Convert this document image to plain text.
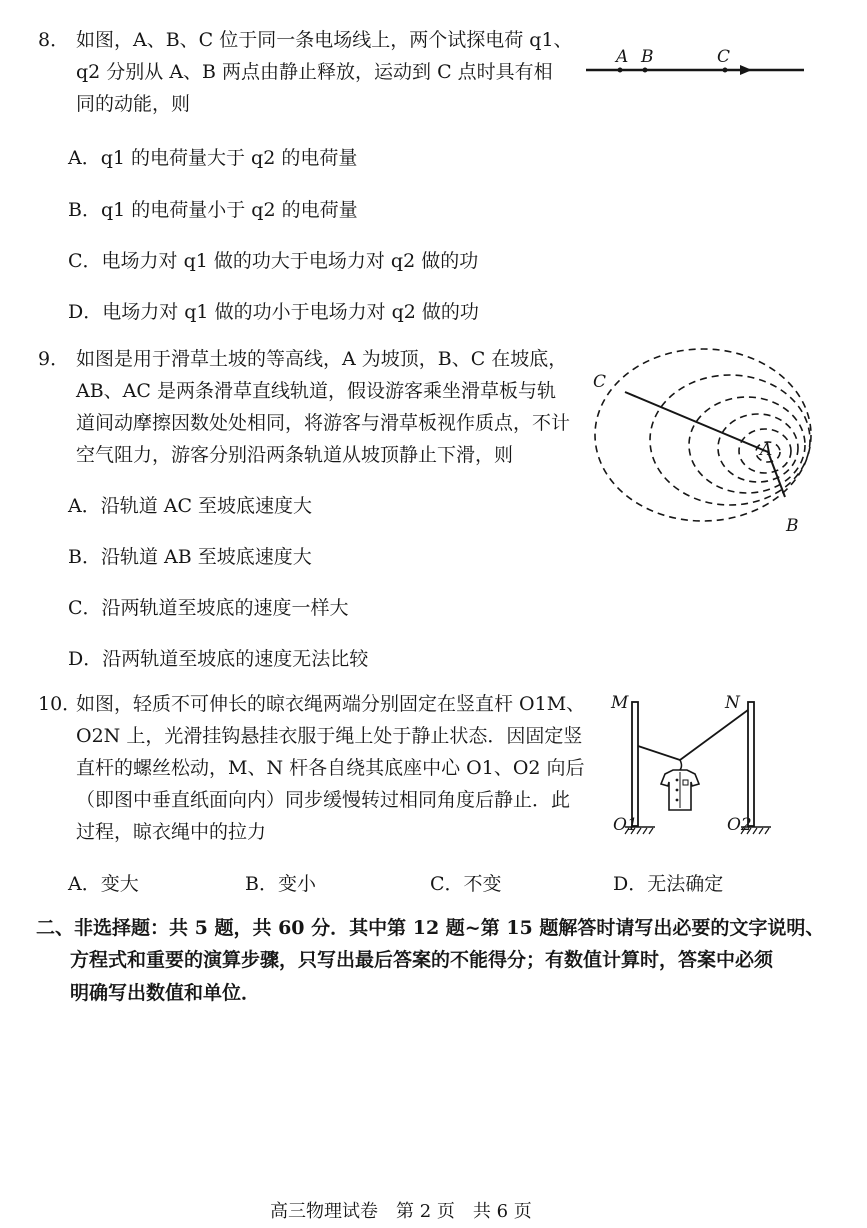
8． 如图，A、B、C 位于同一条电场线上，两个试探电荷 q1、
q2 分别从 A、B 两点由静止释放，运动到 C 点时具有相
同的动能，则
A B	C
A．q1 的电荷量大于 q2 的电荷量
B．q1 的电荷量小于 q2 的电荷量
C．电场力对 q1 做的功大于电场力对 q2 做的功
D．电场力对 q1 做的功小于电场力对 q2 做的功
9． 如图是用于滑草土坡的等高线，A 为坡顶，B、C 在坡底，
AB、AC 是两条滑草直线轨道，假设游客乘坐滑草板与轨
道间动摩擦因数处处相同，将游客与滑草板视作质点，不计
空气阻力，游客分别沿两条轨道从坡顶静止下滑，则
C
A
B
A．沿轨道 AC 至坡底速度大
B．沿轨道 AB 至坡底速度大
C．沿两轨道至坡底的速度一样大
D．沿两轨道至坡底的速度无法比较
10．
如图，轻质不可伸长的晾衣绳两端分别固定在竖直杆 O1M、
O2N 上，光滑挂钩悬挂衣服于绳上处于静止状态．因固定竖
直杆的螺丝松动，M、N 杆各自绕其底座中心 O1、O2 向后
（即图中垂直纸面向内）同步缓慢转过相同角度后静止．此
过程，晾衣绳中的拉力
M	N
O1	O2
A．变大	B．变小	C．不变	D．无法确定
二、非选择题：共 5 题，共 60 分．其中第 12 题~第 15 题解答时请写出必要的文字说明、
方程式和重要的演算步骤，只写出最后答案的不能得分；有数值计算时，答案中必须
明确写出数值和单位．
高三物理试卷　第 2 页　共 6 页
